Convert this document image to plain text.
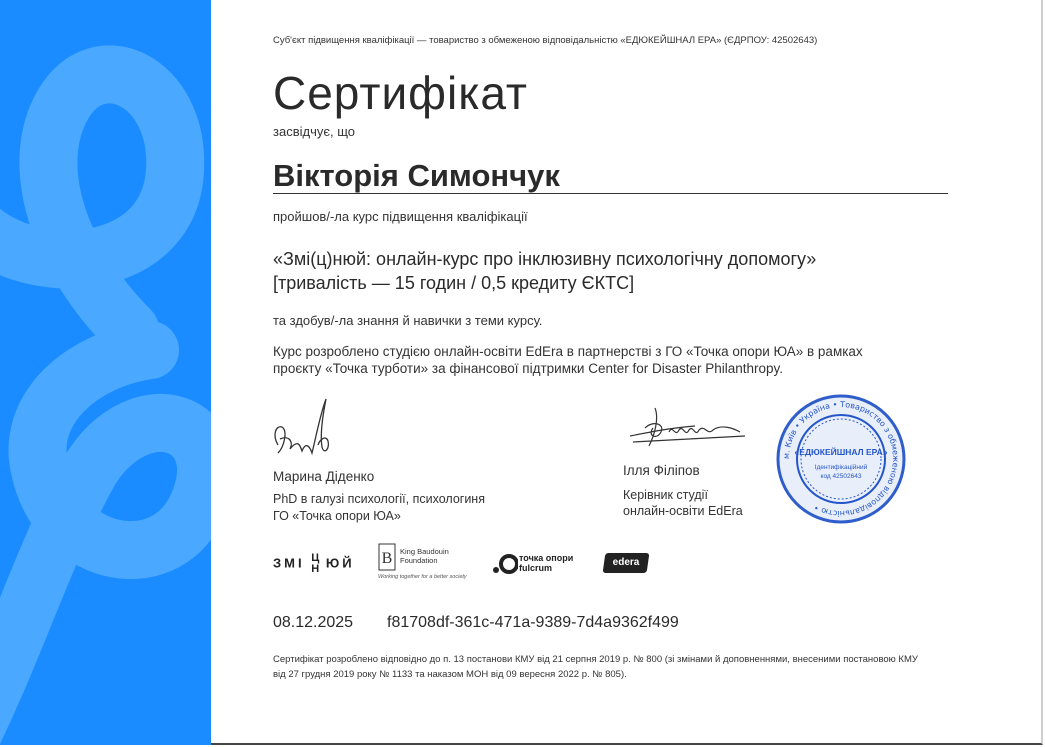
Суб'єкт підвищення кваліфікації — товариство з обмеженою відповідальністю «ЕДЮКЕЙШНАЛ ЕРА» (ЄДРПОУ: 42502643)
Сертифікат
засвідчує, що
Вікторія Симончук
пройшов/-ла курс підвищення кваліфікації
«Змі(ц)нюй: онлайн-курс про інклюзивну психологічну допомогу»
[тривалість — 15 годин / 0,5 кредиту ЄКТС]
та здобув/-ла знання й навички з теми курсу.
Курс розроблено студією онлайн-освіти EdEra в партнерстві з ГО «Точка опори ЮА» в рамках проєкту «Точка турботи» за фінансової підтримки Center for Disaster Philanthropy.
Марина Діденко
PhD в галузі психології, психологиня
ГО «Точка опори ЮА»
Ілля Філіпов
Керівник студії
онлайн-освіти EdEra
м. Київ • Україна • Товариство з обмеженою відповідальністю •
«ЕДЮКЕЙШНАЛ ЕРА»
Ідентифікаційний
код 42502643
ЗМІ Ц
Н ЮЙ B King Baudouin
Foundation
Working together for a better society
точка опори
fulcrum	edera
08.12.2025 f81708df-361c-471a-9389-7d4a9362f499
Сертифікат розроблено відповідно до п. 13 постанови КМУ від 21 серпня 2019 р. № 800 (зі змінами й доповненнями, внесеними постановою КМУ від 27 грудня 2019 року № 1133 та наказом МОН від 09 вересня 2022 р. № 805).
